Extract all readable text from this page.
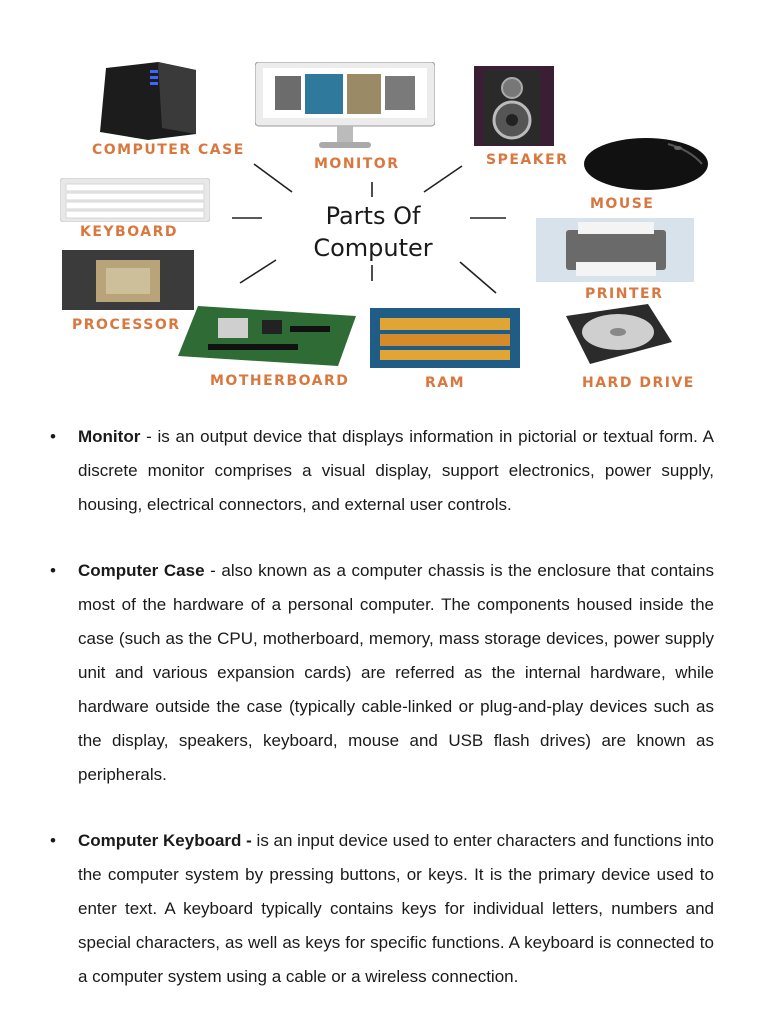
COMPUTER CASE
MONITOR	SPEAKER
MOUSE
KEYBOARD
PRINTER
PROCESSOR
MOTHERBOARD	RAM	HARD DRIVE
Parts Of
Computer
• Monitor - is an output device that displays information in pictorial or textual form. A discrete monitor comprises a visual display, support electronics, power supply, housing, electrical connectors, and external user controls.
• Computer Case - also known as a computer chassis is the enclosure that contains most of the hardware of a personal computer. The components housed inside the case (such as the CPU, motherboard, memory, mass storage devices, power supply unit and various expansion cards) are referred as the internal hardware, while hardware outside the case (typically cable-linked or plug-and-play devices such as the display, speakers, keyboard, mouse and USB flash drives) are known as peripherals.
• Computer Keyboard - is an input device used to enter characters and functions into the computer system by pressing buttons, or keys. It is the primary device used to enter text. A keyboard typically contains keys for individual letters, numbers and special characters, as well as keys for specific functions. A keyboard is connected to a computer system using a cable or a wireless connection.
